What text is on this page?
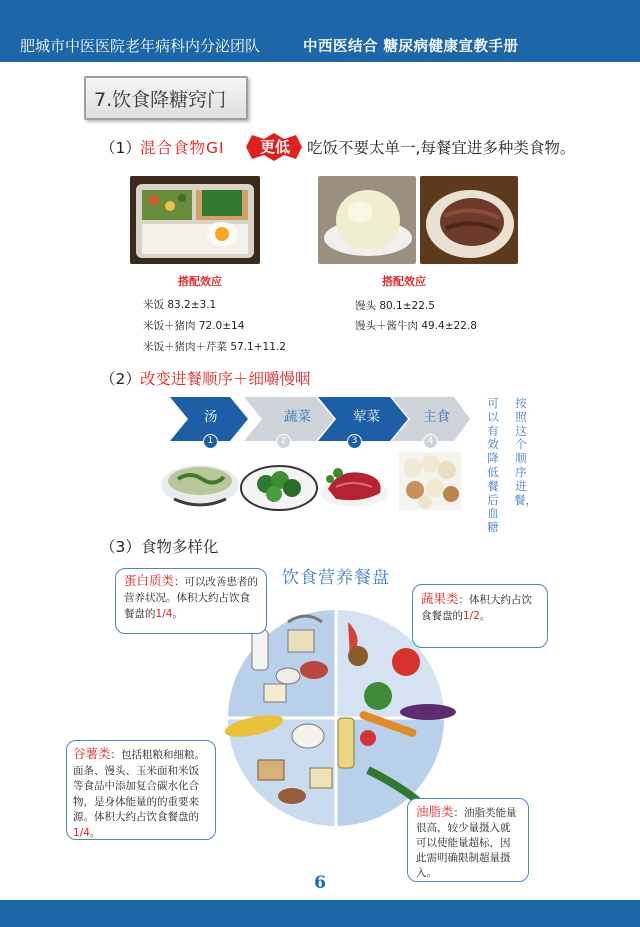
肥城市中医医院老年病科内分泌团队	中西医结合 糖尿病健康宣教手册
7.饮食降糖窍门
（1） 混合食物GI	更低	吃饭不要太单一,每餐宜进多种类食物。
搭配效应
米饭 83.2±3.1
米饭＋猪肉 72.0±14
米饭＋猪肉＋芹菜 57.1+11.2
搭配效应
馒头 80.1±22.5
馒头＋酱牛肉 49.4±22.8
（2） 改变进餐顺序＋细嚼慢咽
汤	蔬菜	荤菜	主食
1	2	3	4
可以有效降低餐后血糖
按照这个顺序进餐，
（3）食物多样化
饮食营养餐盘
蛋白质类：可以改善患者的营养状况。体积大约占饮食餐盘的1/4。
蔬果类：体积大约占饮食餐盘的1/2。
谷薯类：包括粗粮和细粮。面条、馒头、玉米面和米饭等食品中添加复合碳水化合物，是身体能量的的重要来源。体积大约占饮食餐盘的1/4。
油脂类：油脂类能量很高，较少量摄入就可以使能量超标，因此需明确限制超量摄入。
6
